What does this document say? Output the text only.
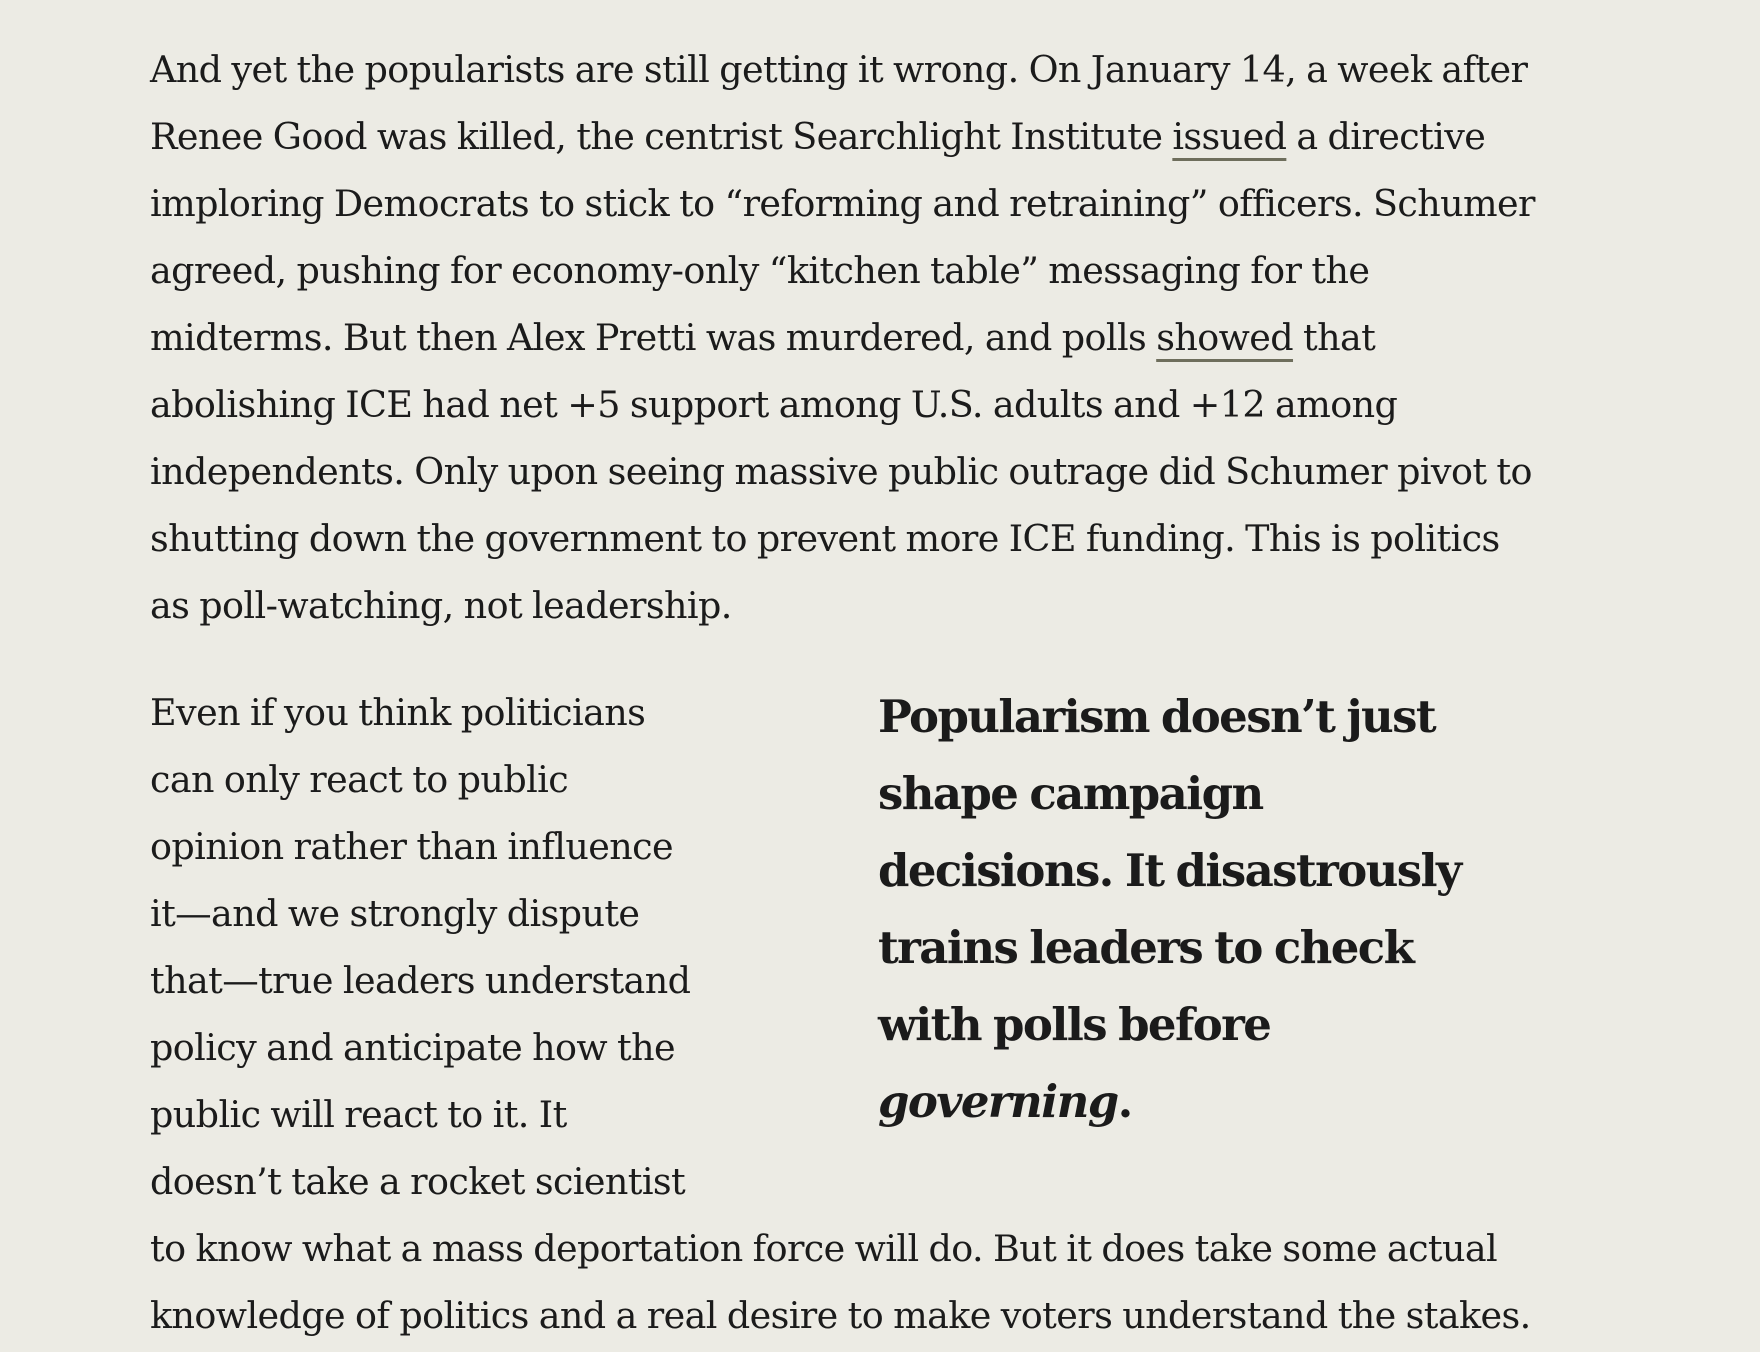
And yet the popularists are still getting it wrong. On January 14, a week after
Renee Good was killed, the centrist Searchlight Institute issued a directive
imploring Democrats to stick to “reforming and retraining” officers. Schumer
agreed, pushing for economy-only “kitchen table” messaging for the
midterms. But then Alex Pretti was murdered, and polls showed that
abolishing ICE had net +5 support among U.S. adults and +12 among
independents. Only upon seeing massive public outrage did Schumer pivot to
shutting down the government to prevent more ICE funding. This is politics
as poll-watching, not leadership.
Even if you think politicians
can only react to public
opinion rather than influence
it—and we strongly dispute
that—true leaders understand
policy and anticipate how the
public will react to it. It
doesn’t take a rocket scientist
to know what a mass deportation force will do. But it does take some actual
knowledge of politics and a real desire to make voters understand the stakes.
Popularism doesn’t just
shape campaign
decisions. It disastrously
trains leaders to check
with polls before
governing.
